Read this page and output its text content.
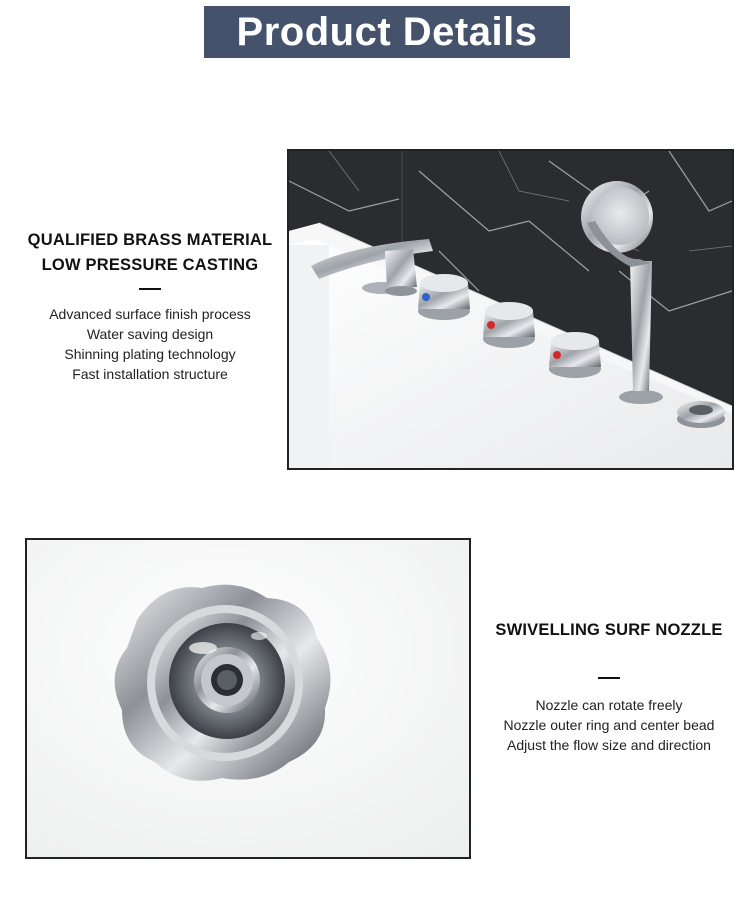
Product Details
QUALIFIED BRASS MATERIAL
LOW PRESSURE CASTING
Advanced surface finish process
Water saving design
Shinning plating technology
Fast installation structure
SWIVELLING SURF NOZZLE
Nozzle can rotate freely
Nozzle outer ring and center bead
Adjust the flow size and direction
